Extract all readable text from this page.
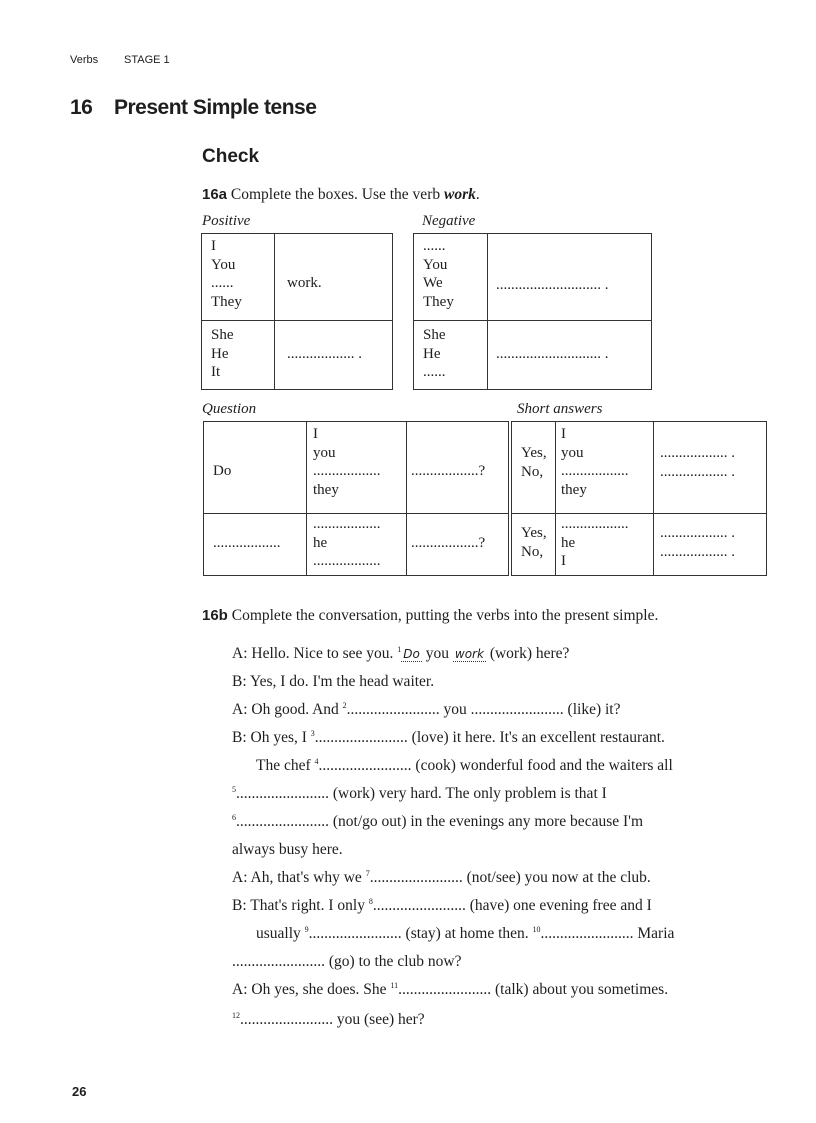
Verbs STAGE 1
16 Present Simple tense
Check
16a Complete the boxes. Use the verb work.
Positive	Negative
I
You
......
They
work.
She
He
It
.................. .
......
You
We
They
............................ .
She
He
......
............................ .
Question	Short answers
Do
I
you
..................
they
..................?
..................
..................
he
..................
..................?
Yes,
No,
I
you
..................
they
.................. .
.................. .
Yes,
No,
..................
he
I
.................. .
.................. .
16b Complete the conversation, putting the verbs into the present simple.
A: Hello. Nice to see you. $^1$ Do you work (work) here?
B: Yes, I do. I'm the head waiter.
A: Oh good. And $^2$........................ you ........................ (like) it?
B: Oh yes, I $^3$........................ (love) it here. It's an excellent restaurant.
The chef $^4$........................ (cook) wonderful food and the waiters all
$^5$........................ (work) very hard. The only problem is that I
$^6$........................ (not/go out) in the evenings any more because I'm
always busy here.
A: Ah, that's why we $^7$........................ (not/see) you now at the club.
B: That's right. I only $^8$........................ (have) one evening free and I
usually $^9$........................ (stay) at home then. $^{10}$........................ Maria
........................ (go) to the club now?
A: Oh yes, she does. She $^{11}$........................ (talk) about you sometimes.
$^{12}$........................ you (see) her?
26
